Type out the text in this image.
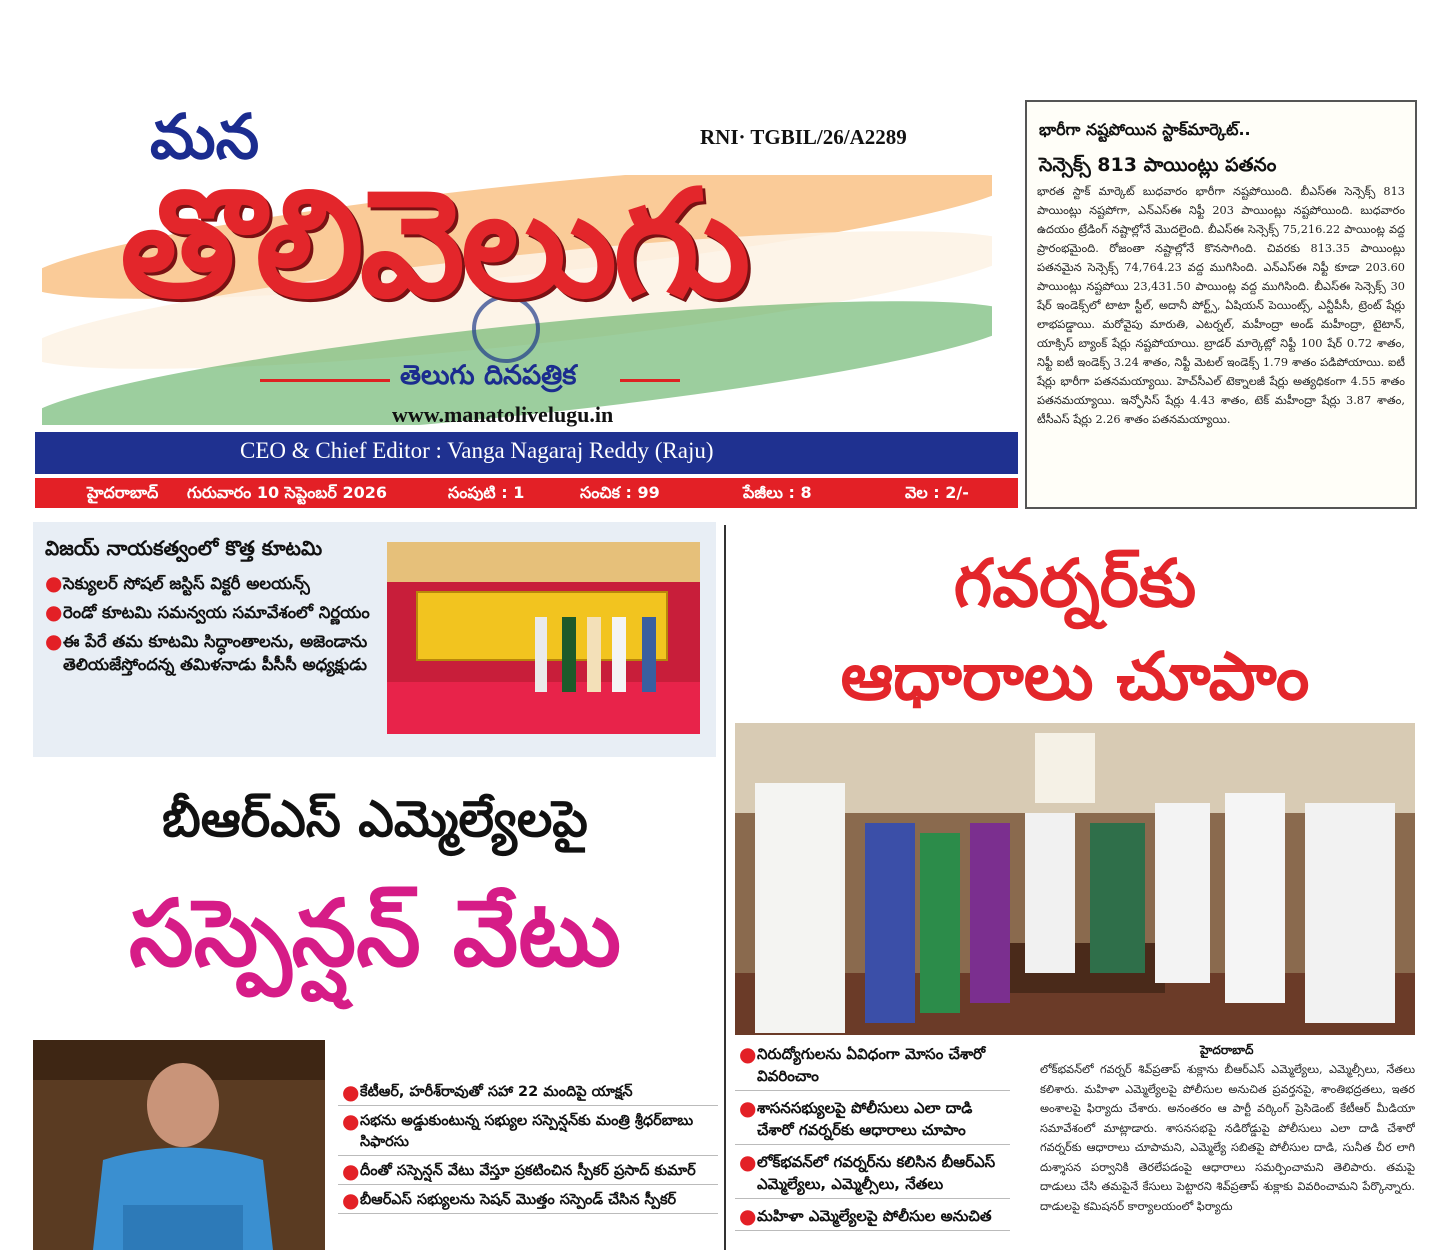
మన	RNI· TGBIL/26/A2289
తొలివెలుగు
తెలుగు దినపత్రిక
www.manatolivelugu.in
CEO & Chief Editor : Vanga Nagaraj Reddy (Raju)
హైదరాబాద్ గురువారం 10 సెప్టెంబర్ 2026	సంపుటి : 1	సంచిక : 99	పేజీలు : 8	వెల : 2/-
భారీగా నష్టపోయిన స్టాక్‌మార్కెట్..
సెన్సెక్స్ 813 పాయింట్లు పతనం
భారత స్టాక్ మార్కెట్ బుధవారం భారీగా నష్టపోయింది. బీఎస్ఈ సెన్సెక్స్ 813 పాయింట్లు నష్టపోగా, ఎన్ఎస్ఈ నిఫ్టీ 203 పాయింట్లు నష్టపోయింది. బుధవారం ఉదయం ట్రేడింగ్ నష్టాల్లోనే మొదలైంది. బీఎస్ఈ సెన్సెక్స్ 75,216.22 పాయింట్ల వద్ద ప్రారంభమైంది. రోజంతా నష్టాల్లోనే కొనసాగింది. చివరకు 813.35 పాయింట్లు పతనమైన సెన్సెక్స్ 74,764.23 వద్ద ముగిసింది. ఎన్ఎస్ఈ నిఫ్టీ కూడా 203.60 పాయింట్లు నష్టపోయి 23,431.50 పాయింట్ల వద్ద ముగిసింది. బీఎస్ఈ సెన్సెక్స్ 30 షేర్ ఇండెక్స్‌లో టాటా స్టీల్, అదానీ పోర్ట్స్, ఏషియన్ పెయింట్స్, ఎన్టీపీసీ, ట్రెంట్ షేర్లు లాభపడ్డాయి. మరోవైపు మారుతి, ఎటర్నల్, మహీంద్రా అండ్ మహీంద్రా, టైటాన్, యాక్సిస్ బ్యాంక్ షేర్లు నష్టపోయాయి. బ్రాడర్ మార్కెట్లో నిఫ్టీ 100 షేర్ 0.72 శాతం, నిఫ్టీ ఐటీ ఇండెక్స్ 3.24 శాతం, నిఫ్టీ మెటల్ ఇండెక్స్ 1.79 శాతం పడిపోయాయి. ఐటీ షేర్లు భారీగా పతనమయ్యాయి. హెచ్‌సీఎల్ టెక్నాలజీ షేర్లు అత్యధికంగా 4.55 శాతం పతనమయ్యాయి. ఇన్ఫోసిస్ షేర్లు 4.43 శాతం, టెక్ మహీంద్రా షేర్లు 3.87 శాతం, టీసీఎస్ షేర్లు 2.26 శాతం పతనమయ్యాయి.
విజయ్ నాయకత్వంలో కొత్త కూటమి
● సెక్యులర్ సోషల్ జస్టిస్ విక్టరీ అలయన్స్
● రెండో కూటమి సమన్వయ సమావేశంలో నిర్ణయం
● ఈ పేరే తమ కూటమి సిద్ధాంతాలను, అజెండాను తెలియజేస్తోందన్న తమిళనాడు పీసీసీ అధ్యక్షుడు
బీఆర్ఎస్ ఎమ్మెల్యేలపై
సస్పెన్షన్ వేటు
● కేటీఆర్, హరీశ్‌రావుతో సహా 22 మందిపై యాక్షన్
● సభను అడ్డుకుంటున్న సభ్యుల సస్పెన్షన్‌కు మంత్రి శ్రీధర్‌బాబు సిఫారసు
● దీంతో సస్పెన్షన్ వేటు వేస్తూ ప్రకటించిన స్పీకర్ ప్రసాద్ కుమార్
● బీఆర్ఎస్ సభ్యులను సెషన్ మొత్తం సస్పెండ్ చేసిన స్పీకర్
గవర్నర్‌కు
ఆధారాలు చూపాం
● నిరుద్యోగులను ఏవిధంగా మోసం చేశారో వివరించాం
● శాసనసభ్యులపై పోలీసులు ఎలా దాడి చేశారో గవర్నర్‌కు ఆధారాలు చూపాం
● లోక్‌భవన్‌లో గవర్నర్‌ను కలిసిన బీఆర్ఎస్ ఎమ్మెల్యేలు, ఎమ్మెల్సీలు, నేతలు
● మహిళా ఎమ్మెల్యేలపై పోలీసుల అనుచిత
హైదరాబాద్
లోక్‌భవన్‌లో గవర్నర్ శివ్‌ప్రతాప్ శుక్లాను బీఆర్ఎస్ ఎమ్మెల్యేలు, ఎమ్మెల్సీలు, నేతలు కలిశారు. మహిళా ఎమ్మెల్యేలపై పోలీసుల అనుచిత ప్రవర్తనపై, శాంతిభద్రతలు, ఇతర అంశాలపై ఫిర్యాదు చేశారు. అనంతరం ఆ పార్టీ వర్కింగ్ ప్రెసిడెంట్ కేటీఆర్ మీడియా సమావేశంలో మాట్లాడారు. శాసనసభపై నడిరోడ్డుపై పోలీసులు ఎలా దాడి చేశారో గవర్నర్‌కు ఆధారాలు చూపామని, ఎమ్మెల్యే సబితపై పోలీసుల దాడి, సునీత చీర లాగి దుశ్శాసన పర్వానికి తెరలేపడంపై ఆధారాలు సమర్పించామని తెలిపారు. తమపై దాడులు చేసి తమపైనే కేసులు పెట్టారని శివ్‌ప్రతాప్ శుక్లాకు వివరించామని పేర్కొన్నారు. దాడులపై కమిషనర్ కార్యాలయంలో ఫిర్యాదు
